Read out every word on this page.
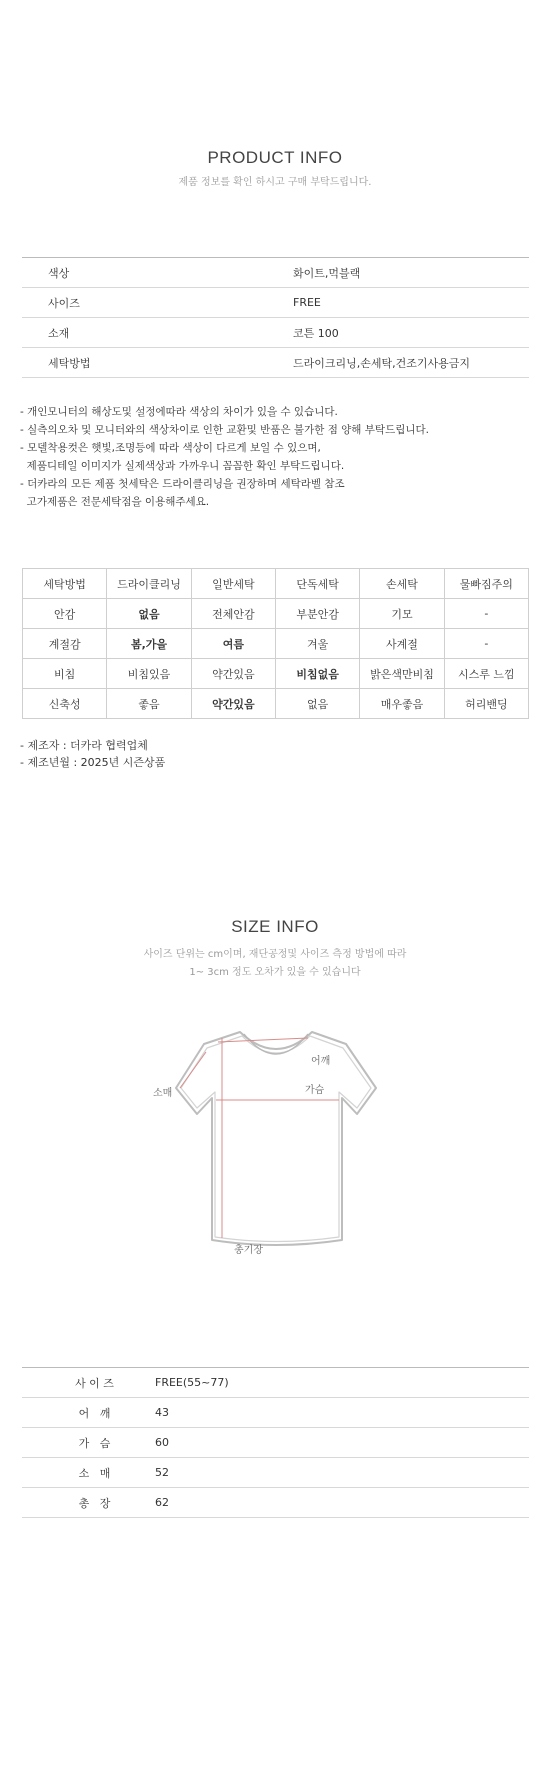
PRODUCT INFO
제품 정보를 확인 하시고 구매 부탁드립니다.
색상	화이트,먹블랙
사이즈	FREE
소재	코튼 100
세탁방법	드라이크리닝,손세탁,건조기사용금지
- 개인모니터의 해상도및 설정에따라 색상의 차이가 있을 수 있습니다.
- 실측의오차 및 모니터와의 색상차이로 인한 교환및 반품은 불가한 점 양해 부탁드립니다.
- 모델착용컷은 햇빛,조명등에 따라 색상이 다르게 보일 수 있으며,
제품디테일 이미지가 실제색상과 가까우니 꼼꼼한 확인 부탁드립니다.
- 더카라의 모든 제품 첫세탁은 드라이클리닝을 권장하며 세탁라벨 참조
고가제품은 전문세탁점을 이용해주세요.
세탁방법	드라이클리닝	일반세탁	단독세탁	손세탁	물빠짐주의
안감	없음	전체안감	부분안감	기모	-
계절감	봄,가을	여름	겨울	사계절	-
비침	비침있음	약간있음	비침없음	밝은색만비침	시스루 느낌
신축성	좋음	약간있음	없음	매우좋음	허리밴딩
- 제조자 : 더카라 협력업체
- 제조년월 : 2025년 시즌상품
SIZE INFO
사이즈 단위는 cm이며, 재단공정및 사이즈 측정 방법에 따라
1~ 3cm 정도 오차가 있을 수 있습니다
어깨
가슴
소매
총기장
사 이 즈	FREE(55~77)
어   깨	43
가   슴	60
소   매	52
총   장	62
